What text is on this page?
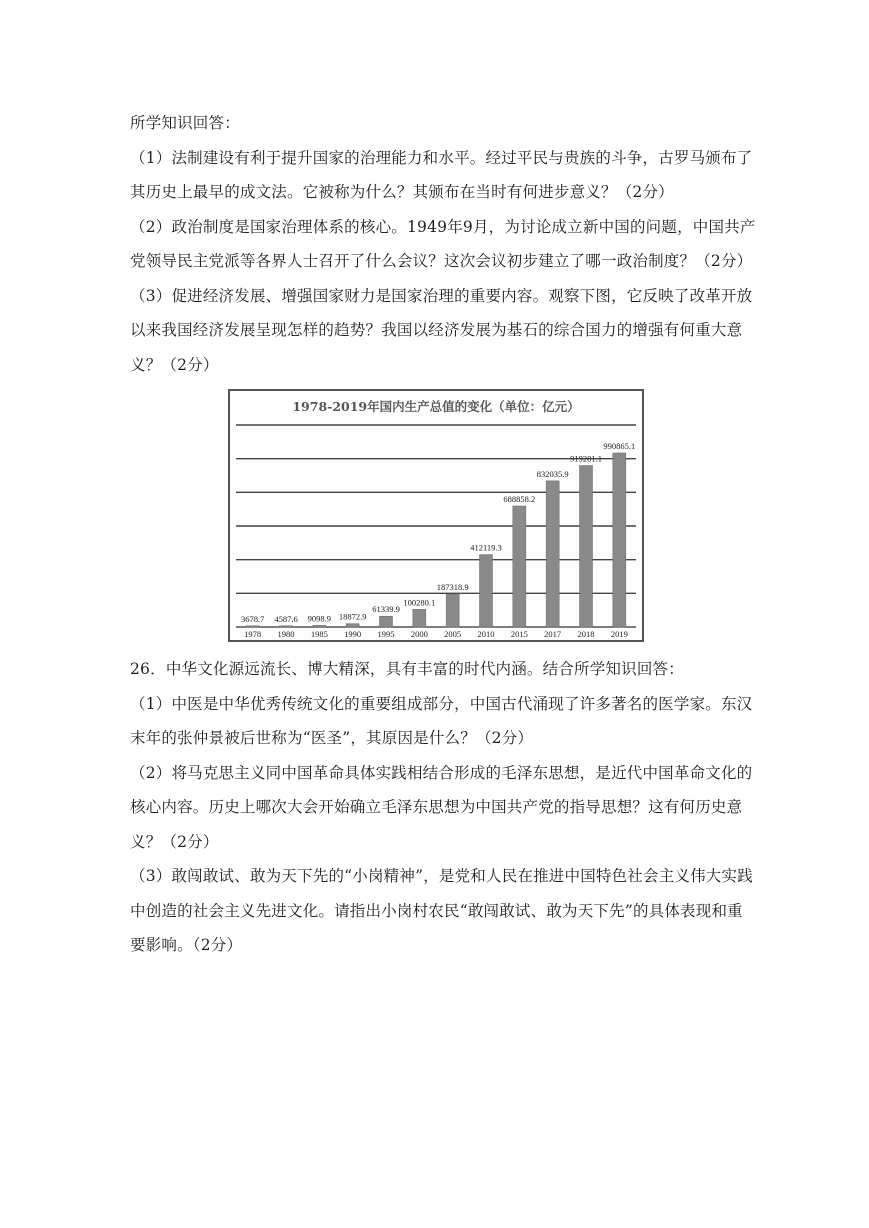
所学知识回答：
（1）法制建设有利于提升国家的治理能力和水平。经过平民与贵族的斗争，古罗马颁布了
其历史上最早的成文法。它被称为什么？其颁布在当时有何进步意义？（2分）
（2）政治制度是国家治理体系的核心。1949年9月，为讨论成立新中国的问题，中国共产
党领导民主党派等各界人士召开了什么会议？这次会议初步建立了哪一政治制度？（2分）
（3）促进经济发展、增强国家财力是国家治理的重要内容。观察下图，它反映了改革开放
以来我国经济发展呈现怎样的趋势？我国以经济发展为基石的综合国力的增强有何重大意
义？（2分）
26．中华文化源远流长、博大精深，具有丰富的时代内涵。结合所学知识回答：
（1）中医是中华优秀传统文化的重要组成部分，中国古代涌现了许多著名的医学家。东汉
末年的张仲景被后世称为“医圣”，其原因是什么？（2分）
（2）将马克思主义同中国革命具体实践相结合形成的毛泽东思想，是近代中国革命文化的
核心内容。历史上哪次大会开始确立毛泽东思想为中国共产党的指导思想？这有何历史意
义？（2分）
（3）敢闯敢试、敢为天下先的“小岗精神”，是党和人民在推进中国特色社会主义伟大实践
中创造的社会主义先进文化。请指出小岗村农民“敢闯敢试、敢为天下先”的具体表现和重
要影响。（2分）
1978-2019年国内生产总值的变化（单位：亿元）
3678.7
1978
4587.6
1980
9098.9
1985
18872.9
1990
61339.9
1995
100280.1
2000
187318.9
2005
412119.3
2010
688858.2
2015
832035.9
2017
919281.1
2018
990865.1
2019
